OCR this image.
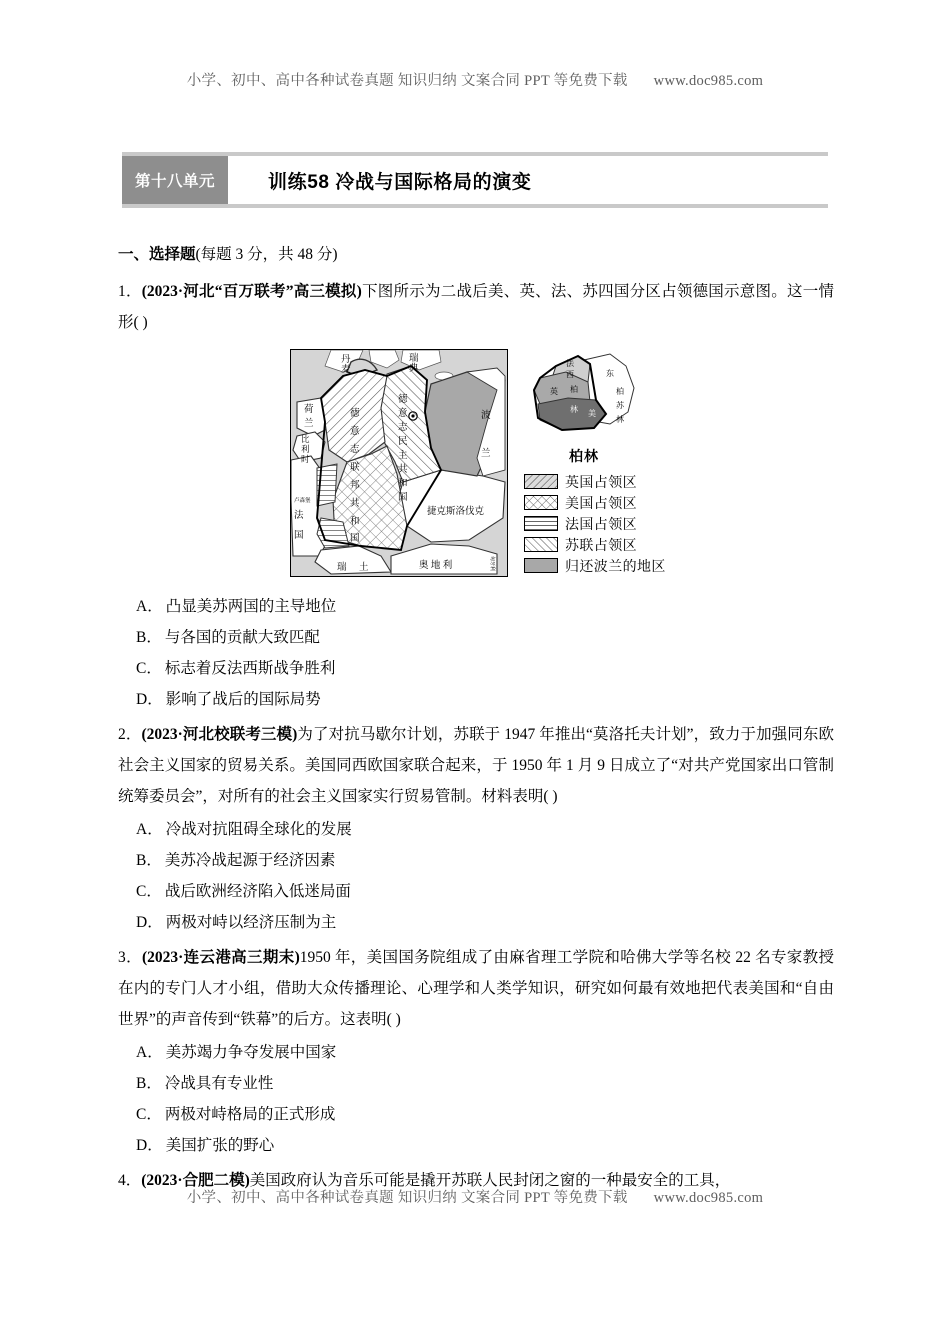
小学、初中、高中各种试卷真题 知识归纳 文案合同 PPT 等免费下载 www.doc985.com
第十八单元	训练58 冷战与国际格局的演变
一、选择题(每题 3 分，共 48 分)
1．(2023·河北“百万联考”高三模拟)下图所示为二战后美、英、法、苏四国分区占领德国示意图。这一情形( )
丹
麦
瑞
典
荷
兰
比
利
时
卢森堡
法
国
瑞 土	奥 地 利	匈牙利
捷克斯洛伐克
波
兰
德
意
志
联
邦
共
和
国
德
意
志
民
主
共
和
国
法
西
英 柏
林 美
东
柏
苏
林
柏林
英国占领区
美国占领区
法国占领区
苏联占领区
归还波兰的地区
A． 凸显美苏两国的主导地位
B． 与各国的贡献大致匹配
C． 标志着反法西斯战争胜利
D． 影响了战后的国际局势
2．(2023·河北校联考三模)为了对抗马歇尔计划，苏联于 1947 年推出“莫洛托夫计划”，致力于加强同东欧社会主义国家的贸易关系。美国同西欧国家联合起来，于 1950 年 1 月 9 日成立了“对共产党国家出口管制统筹委员会”，对所有的社会主义国家实行贸易管制。材料表明( )
A． 冷战对抗阻碍全球化的发展
B． 美苏冷战起源于经济因素
C． 战后欧洲经济陷入低迷局面
D． 两极对峙以经济压制为主
3．(2023·连云港高三期末)1950 年，美国国务院组成了由麻省理工学院和哈佛大学等名校 22 名专家教授在内的专门人才小组，借助大众传播理论、心理学和人类学知识，研究如何最有效地把代表美国和“自由世界”的声音传到“铁幕”的后方。这表明( )
A． 美苏竭力争夺发展中国家
B． 冷战具有专业性
C． 两极对峙格局的正式形成
D． 美国扩张的野心
4．(2023·合肥二模)美国政府认为音乐可能是撬开苏联人民封闭之窗的一种最安全的工具，
小学、初中、高中各种试卷真题 知识归纳 文案合同 PPT 等免费下载 www.doc985.com
